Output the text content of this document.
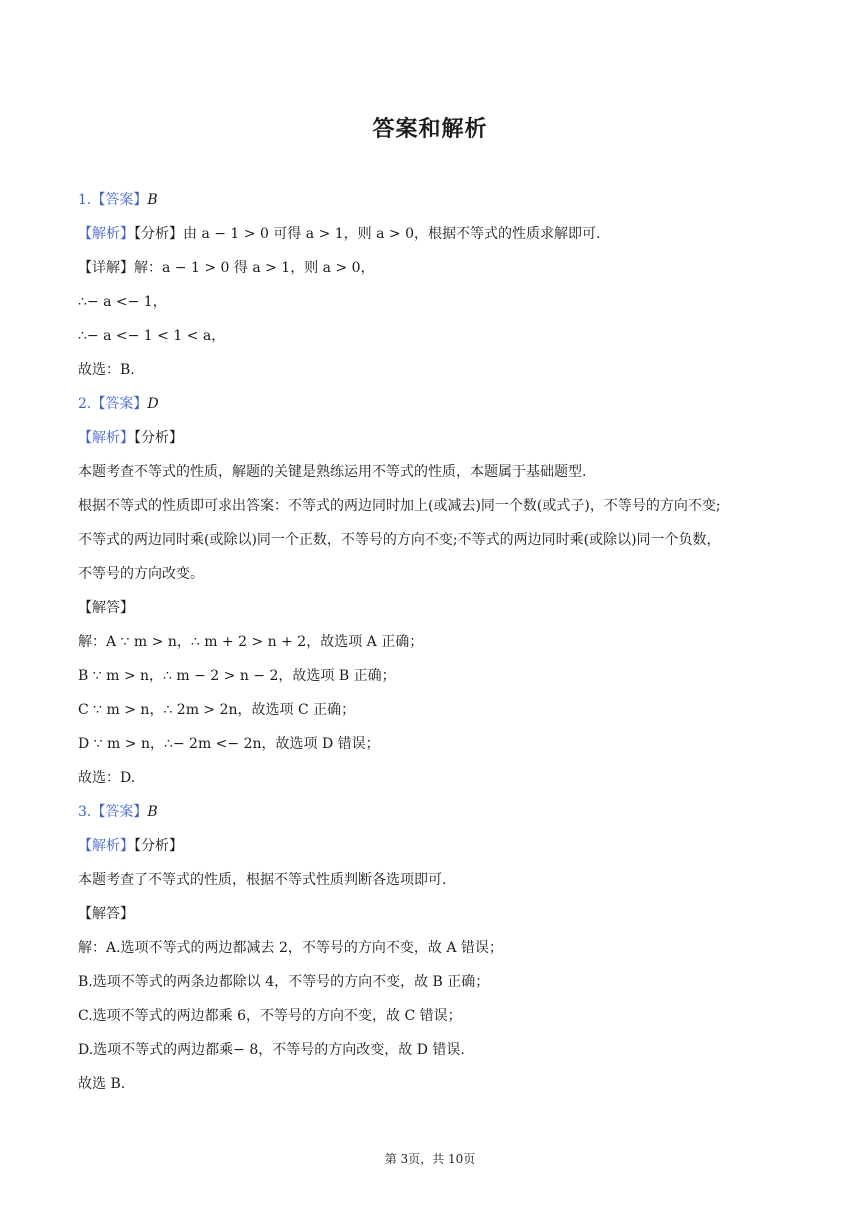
答案和解析
1.【答案】B
【解析】【分析】由 a − 1 > 0 可得 a > 1，则 a > 0，根据不等式的性质求解即可.
【详解】解：a − 1 > 0 得 a > 1，则 a > 0，
∴− a <− 1，
∴− a <− 1 < 1 < a，
故选：B.
2.【答案】D
【解析】【分析】
本题考查不等式的性质，解题的关键是熟练运用不等式的性质，本题属于基础题型.
根据不等式的性质即可求出答案：不等式的两边同时加上(或减去)同一个数(或式子)，不等号的方向不变;
不等式的两边同时乘(或除以)同一个正数，不等号的方向不变;不等式的两边同时乘(或除以)同一个负数，
不等号的方向改变。
【解答】
解：A ∵ m > n，∴ m + 2 > n + 2，故选项 A 正确；
B ∵ m > n，∴ m − 2 > n − 2，故选项 B 正确；
C ∵ m > n，∴ 2m > 2n，故选项 C 正确；
D ∵ m > n，∴− 2m <− 2n，故选项 D 错误；
故选：D.
3.【答案】B
【解析】【分析】
本题考查了不等式的性质，根据不等式性质判断各选项即可.
【解答】
解：A.选项不等式的两边都减去 2，不等号的方向不变，故 A 错误；
B.选项不等式的两条边都除以 4，不等号的方向不变，故 B 正确；
C.选项不等式的两边都乘 6，不等号的方向不变，故 C 错误；
D.选项不等式的两边都乘− 8，不等号的方向改变，故 D 错误.
故选 B.
第 3页，共 10页
